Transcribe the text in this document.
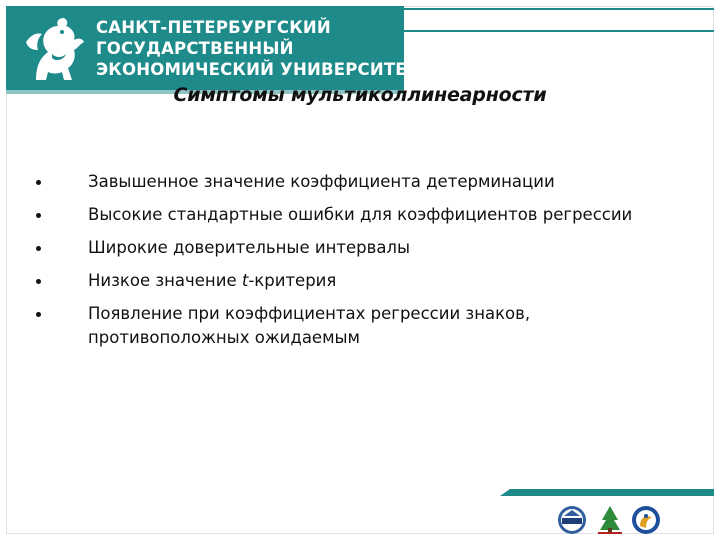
САНКТ-ПЕТЕРБУРГСКИЙ
ГОСУДАРСТВЕННЫЙ
ЭКОНОМИЧЕСКИЙ УНИВЕРСИТЕТ
Симптомы мультиколлинеарности
Завышенное значение коэффициента детерминации
Высокие стандартные ошибки для коэффициентов регрессии
Широкие доверительные интервалы
Низкое значение t-критерия
Появление при коэффициентах регрессии знаков, противоположных ожидаемым
